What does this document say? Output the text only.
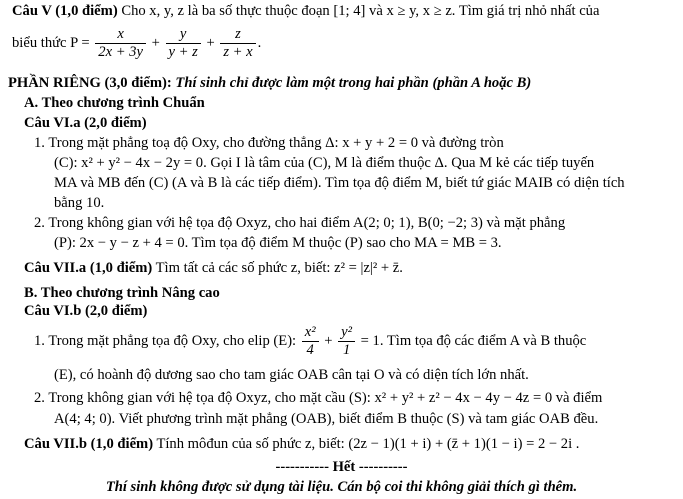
Câu V (1,0 điểm) Cho x, y, z là ba số thực thuộc đoạn [1; 4] và x ≥ y, x ≥ z. Tìm giá trị nhỏ nhất của
biểu thức $P = \frac{x}{2x + 3y} + \frac{y}{y + z} + \frac{z}{z + x}$ .
PHẦN RIÊNG (3,0 điểm): Thí sinh chỉ được làm một trong hai phần (phần A hoặc B)
A. Theo chương trình Chuẩn
Câu VI.a (2,0 điểm)
1. Trong mặt phẳng toạ độ Oxy, cho đường thẳng Δ: x + y + 2 = 0 và đường tròn
(C): x² + y² − 4x − 2y = 0. Gọi I là tâm của (C), M là điểm thuộc Δ. Qua M kẻ các tiếp tuyến
MA và MB đến (C) (A và B là các tiếp điểm). Tìm tọa độ điểm M, biết tứ giác MAIB có diện tích
bằng 10.
2. Trong không gian với hệ tọa độ Oxyz, cho hai điểm A(2; 0; 1), B(0; −2; 3) và mặt phẳng
(P): 2x − y − z + 4 = 0. Tìm tọa độ điểm M thuộc (P) sao cho MA = MB = 3.
Câu VII.a (1,0 điểm) Tìm tất cả các số phức z, biết: z² = |z|² + z̄.
B. Theo chương trình Nâng cao
Câu VI.b (2,0 điểm)
1. Trong mặt phẳng tọa độ Oxy, cho elip (E): $\frac{\text{x²}}{4} + \frac{\text{y²}}{1} = 1$. Tìm tọa độ các điểm A và B thuộc
(E), có hoành độ dương sao cho tam giác OAB cân tại O và có diện tích lớn nhất.
2. Trong không gian với hệ tọa độ Oxyz, cho mặt cầu (S): x² + y² + z² − 4x − 4y − 4z = 0 và điểm
A(4; 4; 0). Viết phương trình mặt phẳng (OAB), biết điểm B thuộc (S) và tam giác OAB đều.
Câu VII.b (1,0 điểm) Tính môđun của số phức z, biết: (2z − 1)(1 + i) + (z̄ + 1)(1 − i) = 2 − 2i .
----------- Hết ----------
Thí sinh không được sử dụng tài liệu. Cán bộ coi thi không giải thích gì thêm.
